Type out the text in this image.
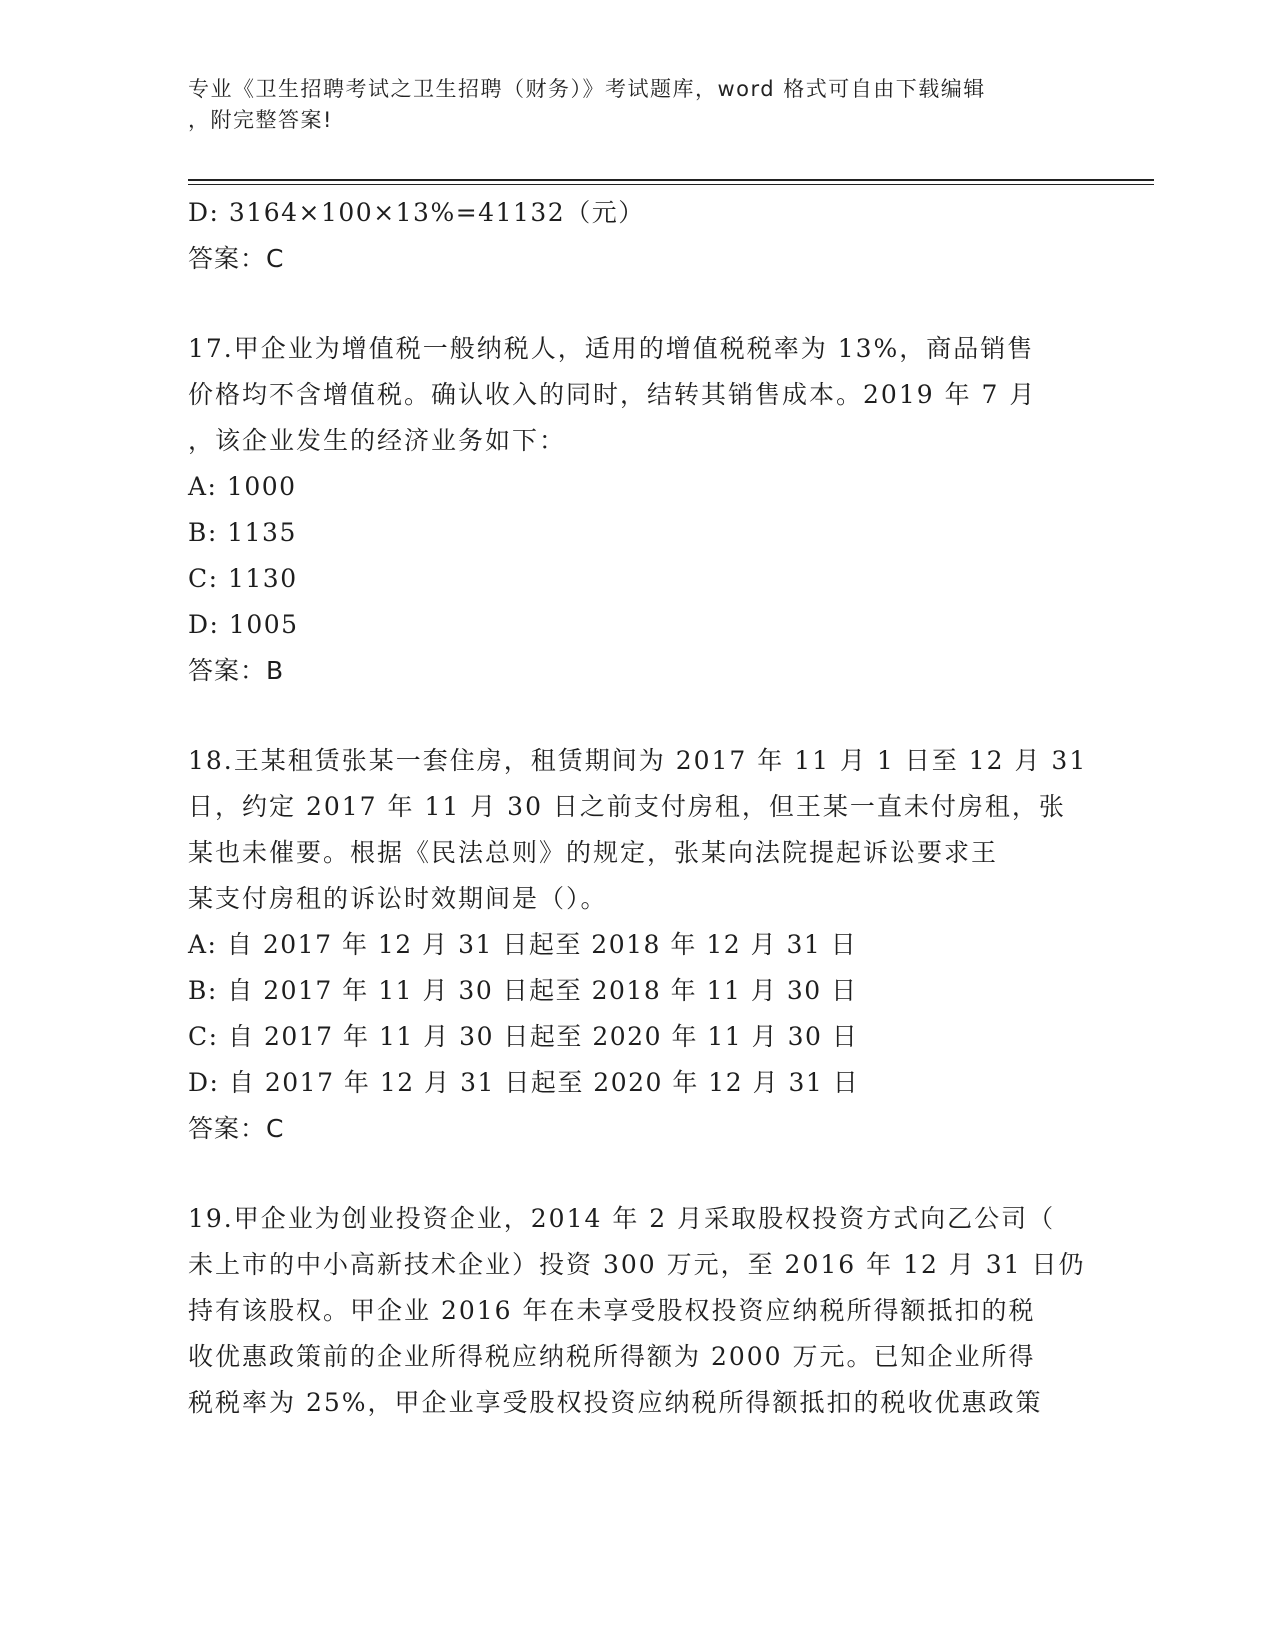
专业《卫生招聘考试之卫生招聘（财务）》考试题库，word 格式可自由下载编辑
，附完整答案!
D: 3164×100×13%=41132（元）
答案：C
17.甲企业为增值税一般纳税人，适用的增值税税率为 13%，商品销售
价格均不含增值税。确认收入的同时，结转其销售成本。2019 年 7 月
，该企业发生的经济业务如下：
A: 1000
B: 1135
C: 1130
D: 1005
答案：B
18.王某租赁张某一套住房，租赁期间为 2017 年 11 月 1 日至 12 月 31
日，约定 2017 年 11 月 30 日之前支付房租，但王某一直未付房租，张
某也未催要。根据《民法总则》的规定，张某向法院提起诉讼要求王
某支付房租的诉讼时效期间是（）。
A: 自 2017 年 12 月 31 日起至 2018 年 12 月 31 日
B: 自 2017 年 11 月 30 日起至 2018 年 11 月 30 日
C: 自 2017 年 11 月 30 日起至 2020 年 11 月 30 日
D: 自 2017 年 12 月 31 日起至 2020 年 12 月 31 日
答案：C
19.甲企业为创业投资企业，2014 年 2 月采取股权投资方式向乙公司（
未上市的中小高新技术企业）投资 300 万元，至 2016 年 12 月 31 日仍
持有该股权。甲企业 2016 年在未享受股权投资应纳税所得额抵扣的税
收优惠政策前的企业所得税应纳税所得额为 2000 万元。已知企业所得
税税率为 25%，甲企业享受股权投资应纳税所得额抵扣的税收优惠政策
